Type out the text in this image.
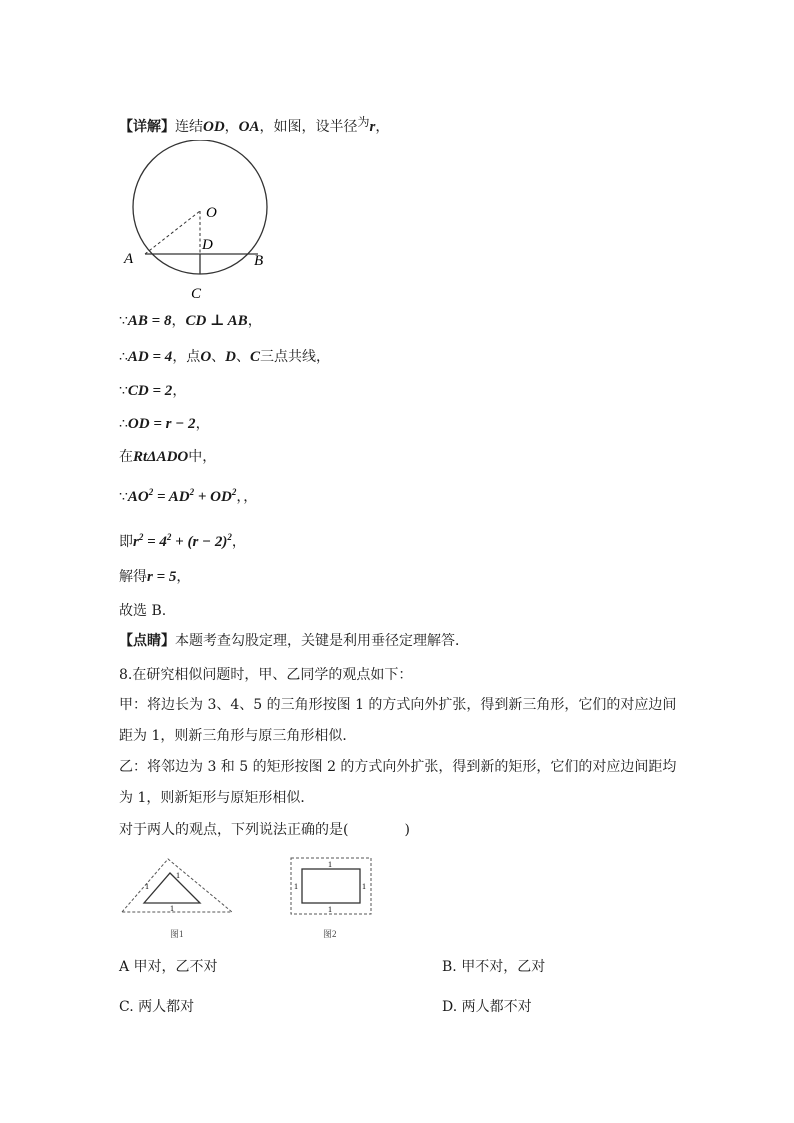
【详解】连结OD，OA，如图，设半径为r，
O
D
A	B
C
∵AB = 8，CD ⊥ AB，
∴AD = 4，点O、D、C三点共线，
∵CD = 2，
∴OD = r − 2，
在RtΔADO中，
$\because AO^2 = AD^2 + OD^2$，，
即$r^2 = 4^2 + (r - 2)^2$，
解得r = 5，
故选 B.
【点睛】本题考查勾股定理，关键是利用垂径定理解答．
8.在研究相似问题时，甲、乙同学的观点如下：
甲：将边长为 3、4、5 的三角形按图 1 的方式向外扩张，得到新三角形，它们的对应边间
距为 1，则新三角形与原三角形相似．
乙：将邻边为 3 和 5 的矩形按图 2 的方式向外扩张，得到新的矩形，它们的对应边间距均
为 1，则新矩形与原矩形相似．
对于两人的观点，下列说法正确的是(　　　　)
1
1
1
图1
1
1	1
1
图2
A 甲对，乙不对	B. 甲不对，乙对
C. 两人都对	D. 两人都不对
